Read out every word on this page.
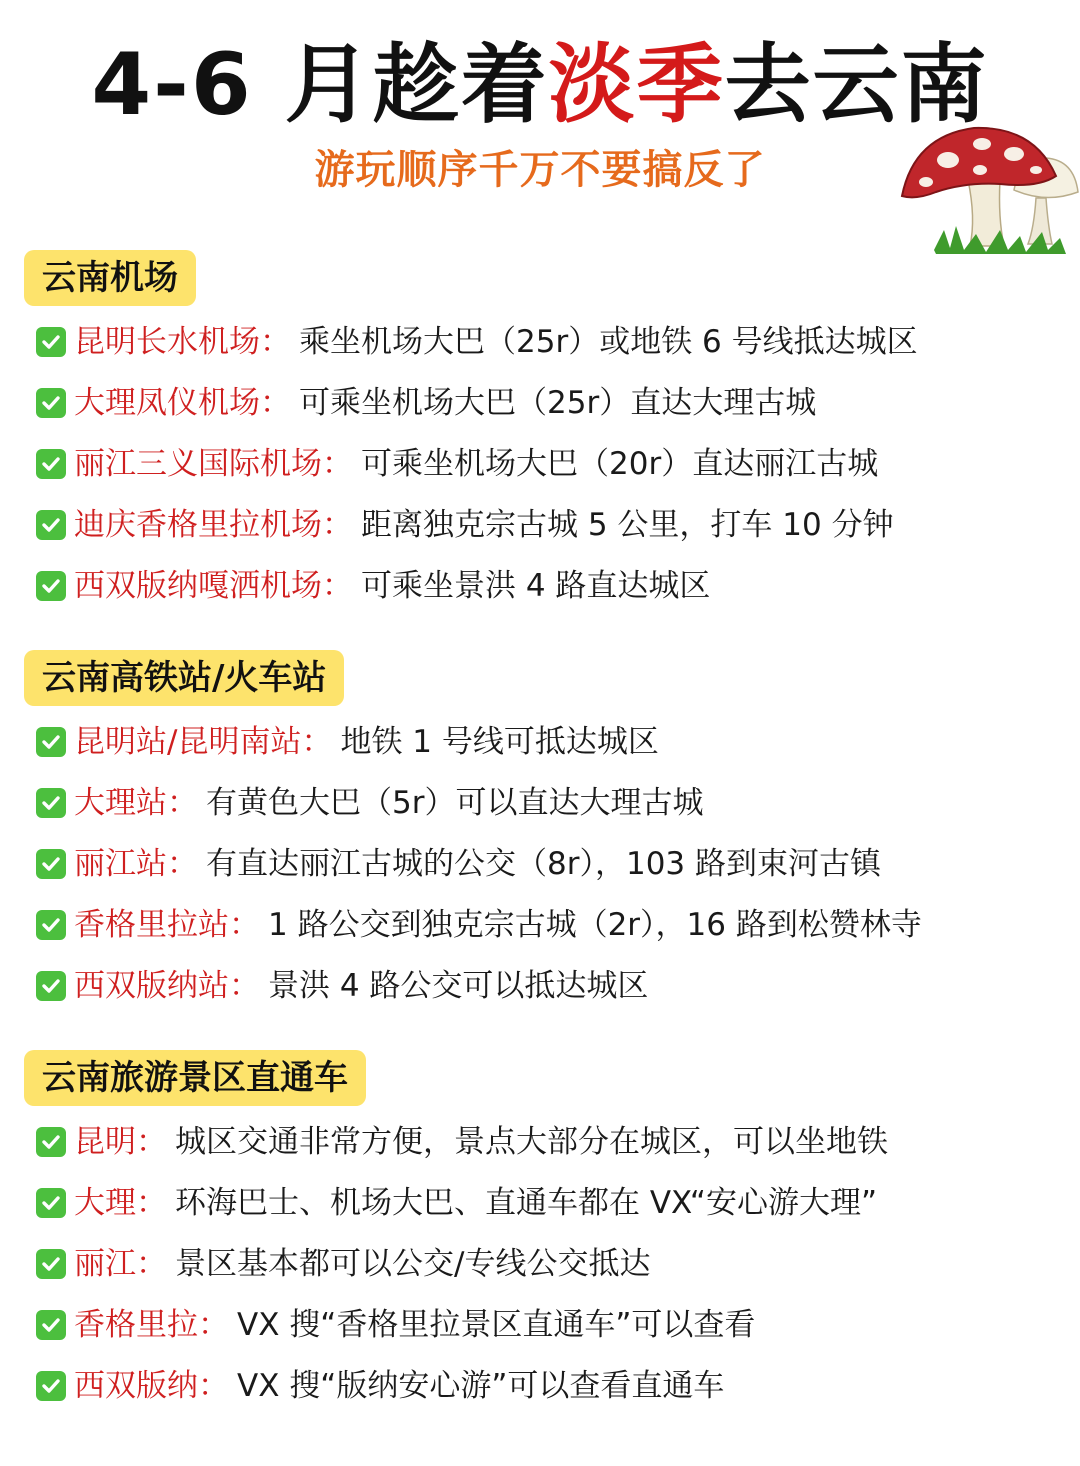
4-6 月趁着淡季去云南
游玩顺序千万不要搞反了
云南机场
昆明长水机场 ： 乘坐机场大巴（25r）或地铁 6 号线抵达城区
大理凤仪机场 ： 可乘坐机场大巴（25r）直达大理古城
丽江三义国际机场 ： 可乘坐机场大巴（20r）直达丽江古城
迪庆香格里拉机场 ： 距离独克宗古城 5 公里，打车 10 分钟
西双版纳嘎洒机场 ： 可乘坐景洪 4 路直达城区
云南高铁站/火车站
昆明站/昆明南站 ： 地铁 1 号线可抵达城区
大理站 ： 有黄色大巴（5r）可以直达大理古城
丽江站 ： 有直达丽江古城的公交（8r），103 路到束河古镇
香格里拉站 ： 1 路公交到独克宗古城（2r），16 路到松赞林寺
西双版纳站 ： 景洪 4 路公交可以抵达城区
云南旅游景区直通车
昆明 ： 城区交通非常方便，景点大部分在城区，可以坐地铁
大理 ： 环海巴士、机场大巴、直通车都在 VX“安心游大理”
丽江 ： 景区基本都可以公交/专线公交抵达
香格里拉 ： VX 搜“香格里拉景区直通车”可以查看
西双版纳 ： VX 搜“版纳安心游”可以查看直通车
